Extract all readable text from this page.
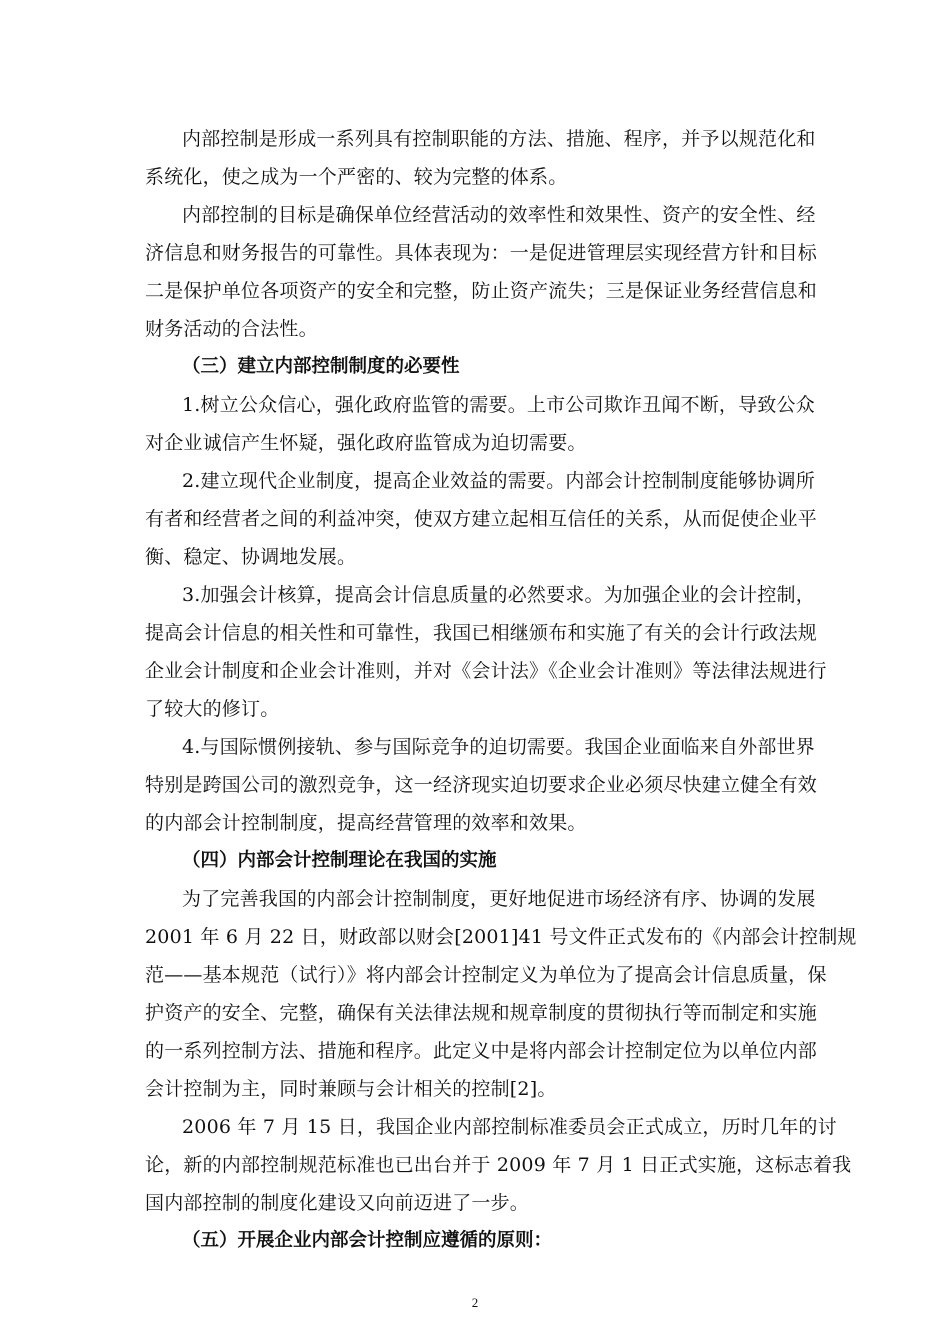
内部控制是形成一系列具有控制职能的方法、措施、程序，并予以规范化和
系统化，使之成为一个严密的、较为完整的体系。
内部控制的目标是确保单位经营活动的效率性和效果性、资产的安全性、经
济信息和财务报告的可靠性。具体表现为：一是促进管理层实现经营方针和目标
二是保护单位各项资产的安全和完整，防止资产流失；三是保证业务经营信息和
财务活动的合法性。
（三）建立内部控制制度的必要性
1.树立公众信心，强化政府监管的需要。上市公司欺诈丑闻不断，导致公众
对企业诚信产生怀疑，强化政府监管成为迫切需要。
2.建立现代企业制度，提高企业效益的需要。内部会计控制制度能够协调所
有者和经营者之间的利益冲突，使双方建立起相互信任的关系，从而促使企业平
衡、稳定、协调地发展。
3.加强会计核算，提高会计信息质量的必然要求。为加强企业的会计控制，
提高会计信息的相关性和可靠性，我国已相继颁布和实施了有关的会计行政法规
企业会计制度和企业会计准则，并对《会计法》《企业会计准则》等法律法规进行
了较大的修订。
4.与国际惯例接轨、参与国际竞争的迫切需要。我国企业面临来自外部世界
特别是跨国公司的激烈竞争，这一经济现实迫切要求企业必须尽快建立健全有效
的内部会计控制制度，提高经营管理的效率和效果。
（四）内部会计控制理论在我国的实施
为了完善我国的内部会计控制制度，更好地促进市场经济有序、协调的发展
2001 年 6 月 22 日，财政部以财会[2001]41 号文件正式发布的《内部会计控制规
范——基本规范（试行）》将内部会计控制定义为单位为了提高会计信息质量，保
护资产的安全、完整，确保有关法律法规和规章制度的贯彻执行等而制定和实施
的一系列控制方法、措施和程序。此定义中是将内部会计控制定位为以单位内部
会计控制为主，同时兼顾与会计相关的控制[2]。
2006 年 7 月 15 日，我国企业内部控制标准委员会正式成立，历时几年的讨
论，新的内部控制规范标准也已出台并于 2009 年 7 月 1 日正式实施，这标志着我
国内部控制的制度化建设又向前迈进了一步。
（五）开展企业内部会计控制应遵循的原则：
2
